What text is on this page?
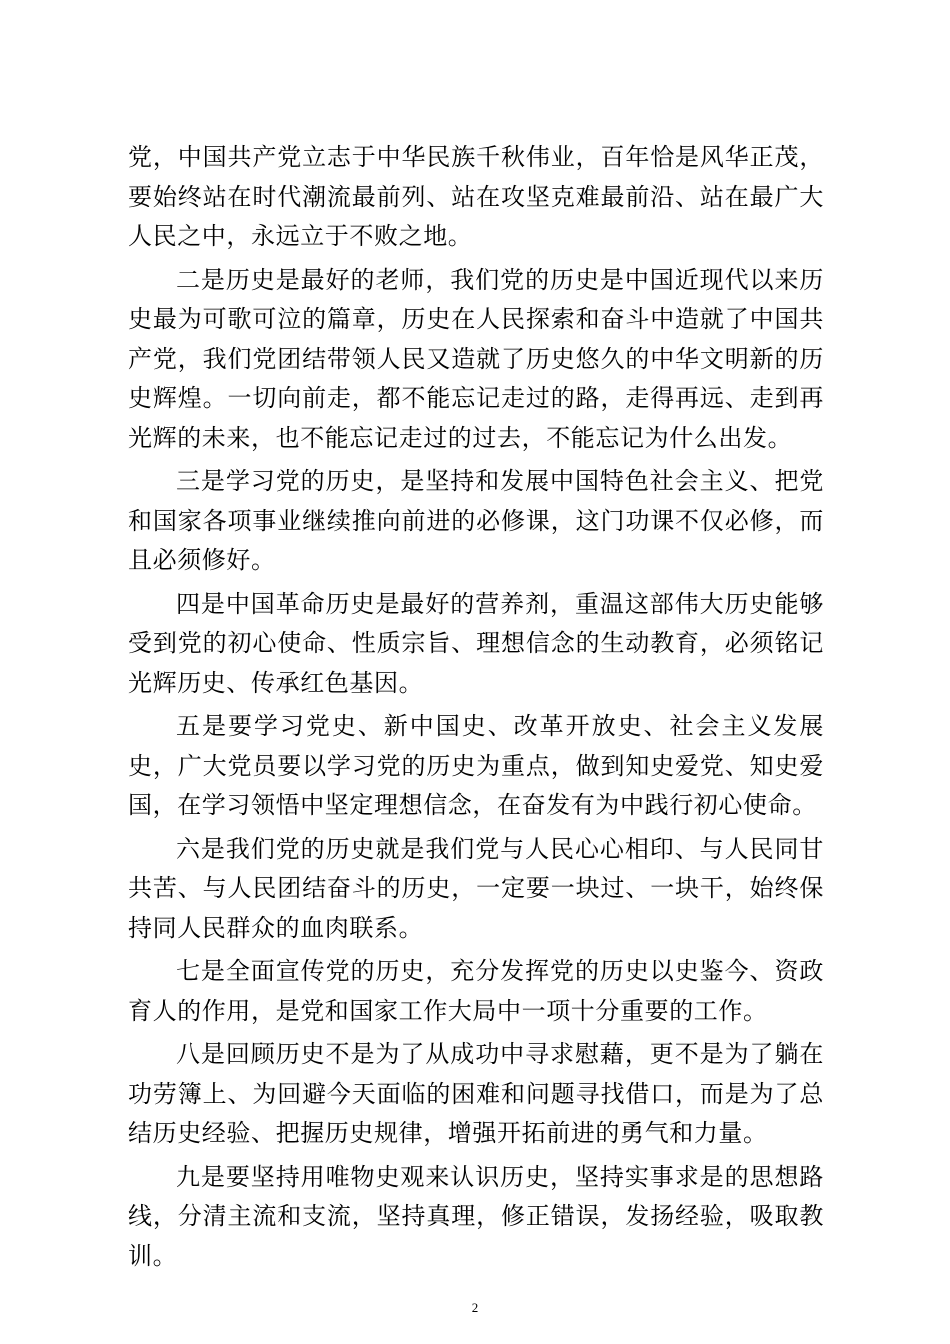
党，中国共产党立志于中华民族千秋伟业，百年恰是风华正茂，要始终站在时代潮流最前列、站在攻坚克难最前沿、站在最广大人民之中，永远立于不败之地。

二是历史是最好的老师，我们党的历史是中国近现代以来历史最为可歌可泣的篇章，历史在人民探索和奋斗中造就了中国共产党，我们党团结带领人民又造就了历史悠久的中华文明新的历史辉煌。一切向前走，都不能忘记走过的路，走得再远、走到再光辉的未来，也不能忘记走过的过去，不能忘记为什么出发。

三是学习党的历史，是坚持和发展中国特色社会主义、把党和国家各项事业继续推向前进的必修课，这门功课不仅必修，而且必须修好。

四是中国革命历史是最好的营养剂，重温这部伟大历史能够受到党的初心使命、性质宗旨、理想信念的生动教育，必须铭记光辉历史、传承红色基因。

五是要学习党史、新中国史、改革开放史、社会主义发展史，广大党员要以学习党的历史为重点，做到知史爱党、知史爱国，在学习领悟中坚定理想信念，在奋发有为中践行初心使命。

六是我们党的历史就是我们党与人民心心相印、与人民同甘共苦、与人民团结奋斗的历史，一定要一块过、一块干，始终保持同人民群众的血肉联系。

七是全面宣传党的历史，充分发挥党的历史以史鉴今、资政育人的作用，是党和国家工作大局中一项十分重要的工作。

八是回顾历史不是为了从成功中寻求慰藉，更不是为了躺在功劳簿上、为回避今天面临的困难和问题寻找借口，而是为了总结历史经验、把握历史规律，增强开拓前进的勇气和力量。

九是要坚持用唯物史观来认识历史，坚持实事求是的思想路线，分清主流和支流，坚持真理，修正错误，发扬经验，吸取教训。

2
